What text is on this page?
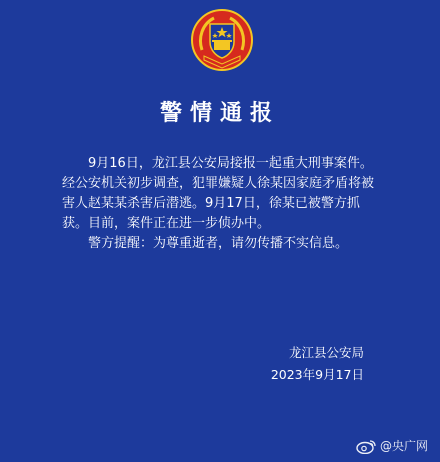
警情通报

9月16日，龙江县公安局接报一起重大刑事案件。经公安机关初步调查，犯罪嫌疑人徐某因家庭矛盾将被害人赵某某杀害后潜逃。9月17日，徐某已被警方抓获。目前，案件正在进一步侦办中。

警方提醒：为尊重逝者，请勿传播不实信息。

龙江县公安局
2023年9月17日
@央广网
